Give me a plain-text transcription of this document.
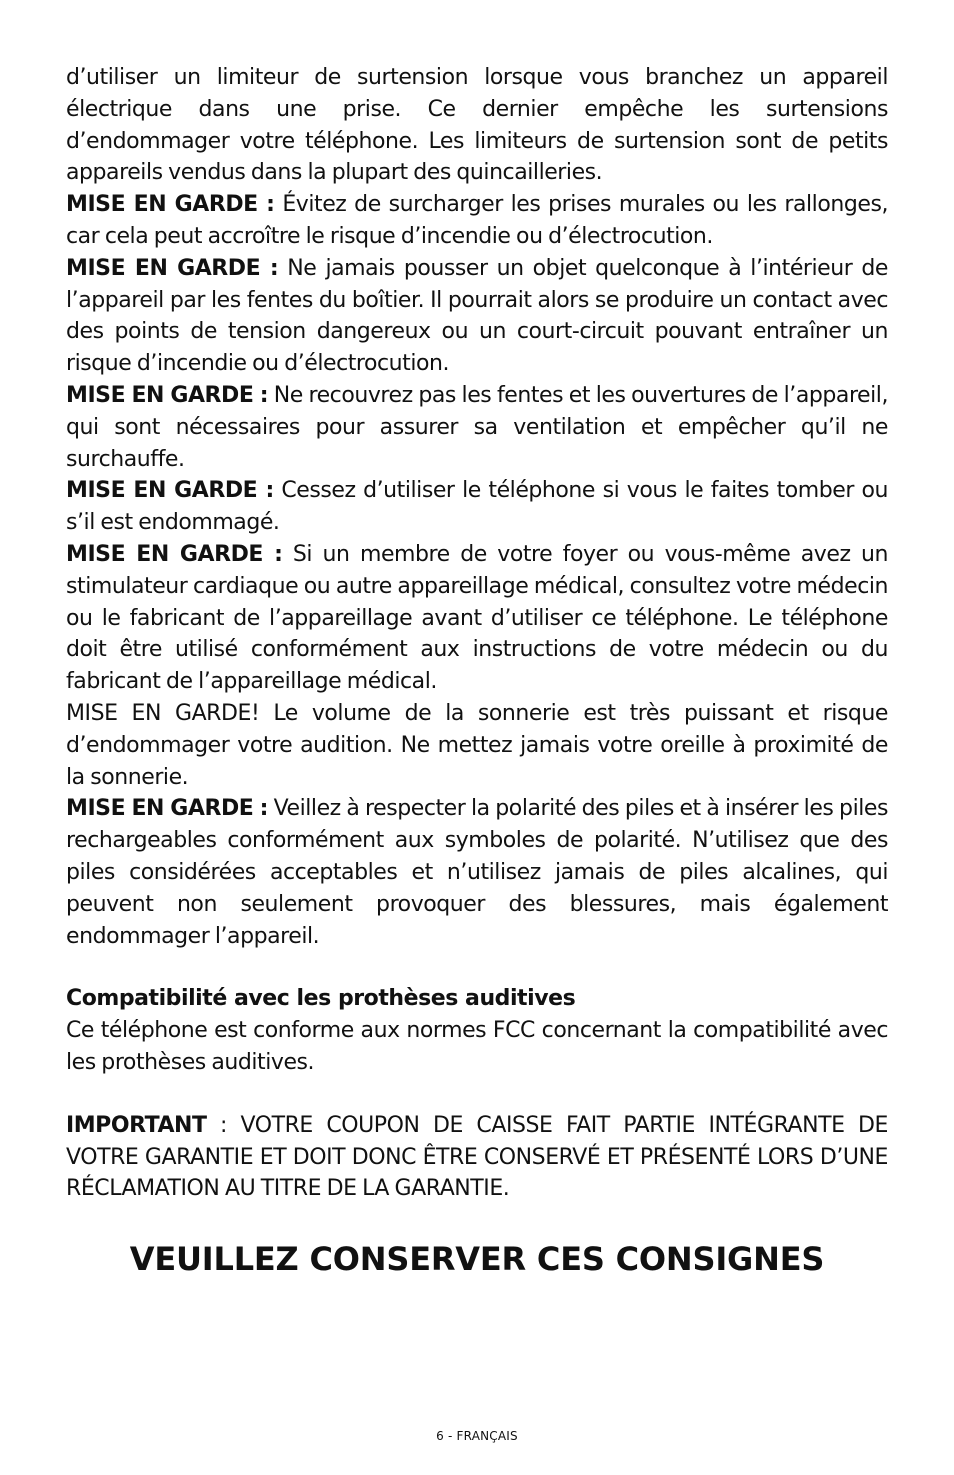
d’utiliser un limiteur de surtension lorsque vous branchez un appareil électrique dans une prise. Ce dernier empêche les surtensions d’endommager votre téléphone. Les limiteurs de surtension sont de petits appareils vendus dans la plupart des quincailleries.

MISE EN GARDE : Évitez de surcharger les prises murales ou les rallonges, car cela peut accroître le risque d’incendie ou d’électrocution.

MISE EN GARDE : Ne jamais pousser un objet quelconque à l’intérieur de l’appareil par les fentes du boîtier. Il pourrait alors se produire un contact avec des points de tension dangereux ou un court-circuit pouvant entraîner un risque d’incendie ou d’électrocution.

MISE EN GARDE : Ne recouvrez pas les fentes et les ouvertures de l’appareil, qui sont nécessaires pour assurer sa ventilation et empêcher qu’il ne surchauffe.

MISE EN GARDE : Cessez d’utiliser le téléphone si vous le faites tomber ou s’il est endommagé.

MISE EN GARDE : Si un membre de votre foyer ou vous-même avez un stimulateur cardiaque ou autre appareillage médical, consultez votre médecin ou le fabricant de l’appareillage avant d’utiliser ce téléphone. Le téléphone doit être utilisé conformément aux instructions de votre médecin ou du fabricant de l’appareillage médical.

MISE EN GARDE! Le volume de la sonnerie est très puissant et risque d’endommager votre audition. Ne mettez jamais votre oreille à proximité de la sonnerie.

MISE EN GARDE : Veillez à respecter la polarité des piles et à insérer les piles rechargeables conformément aux symboles de polarité. N’utilisez que des piles considérées acceptables et n’utilisez jamais de piles alcalines, qui peuvent non seulement provoquer des blessures, mais également endommager l’appareil.

Compatibilité avec les prothèses auditives

Ce téléphone est conforme aux normes FCC concernant la compatibilité avec les prothèses auditives.

IMPORTANT : VOTRE COUPON DE CAISSE FAIT PARTIE INTÉGRANTE DE VOTRE GARANTIE ET DOIT DONC ÊTRE CONSERVÉ ET PRÉSENTÉ LORS D’UNE RÉCLAMATION AU TITRE DE LA GARANTIE.

VEUILLEZ CONSERVER CES CONSIGNES
6 - FRANÇAIS
